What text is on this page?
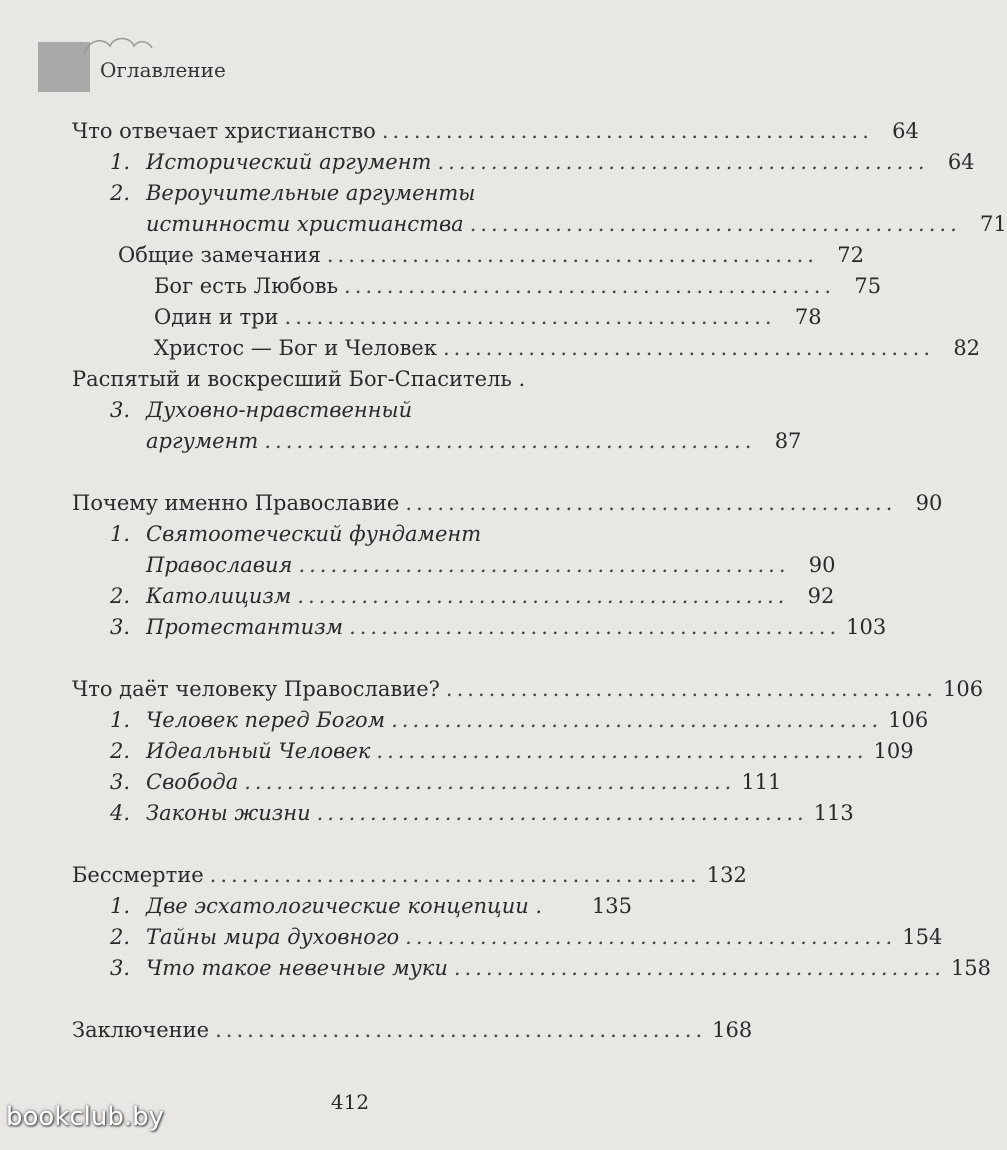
Оглавление
Что отвечает христианство .............................................. 64
1. Исторический аргумент .............................................. 64
2. Вероучительные аргументы
истинности христианства .............................................. 71
Общие замечания .............................................. 72
Бог есть Любовь .............................................. 75
Один и три .............................................. 78
Христос — Бог и Человек .............................................. 82
Распятый и воскресший Бог-Спаситель .
3. Духовно-нравственный
аргумент .............................................. 87
Почему именно Православие .............................................. 90
1. Святоотеческий фундамент
Православия .............................................. 90
2. Католицизм .............................................. 92
3. Протестантизм .............................................. 103
Что даёт человеку Православие? .............................................. 106
1. Человек перед Богом .............................................. 106
2. Идеальный Человек .............................................. 109
3. Свобода .............................................. 111
4. Законы жизни .............................................. 113
Бессмертие .............................................. 132
1. Две эсхатологические концепции . 135
2. Тайны мира духовного .............................................. 154
3. Что такое невечные муки .............................................. 158
Заключение .............................................. 168
412
bookclub.by
